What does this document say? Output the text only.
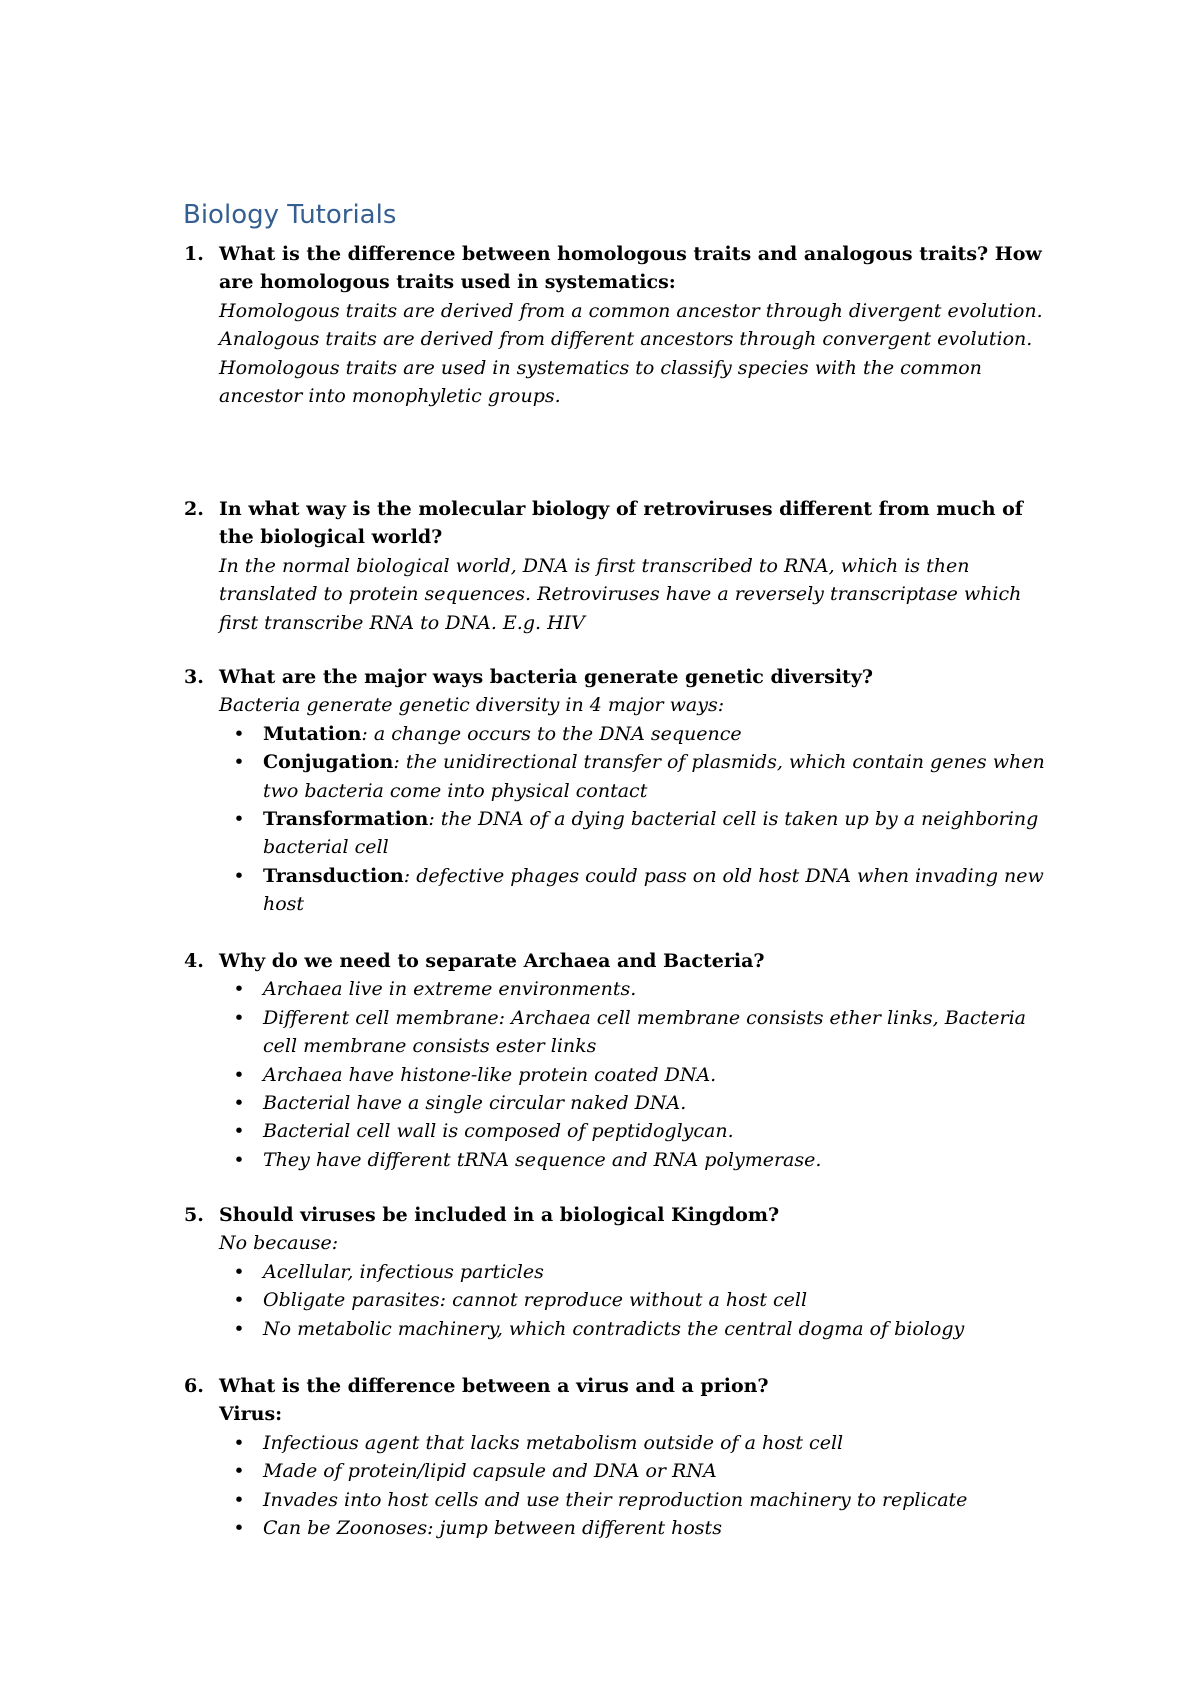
Biology Tutorials
1. What is the difference between homologous traits and analogous traits? How are homologous traits used in systematics:
Homologous traits are derived from a common ancestor through divergent evolution. Analogous traits are derived from different ancestors through convergent evolution.
Homologous traits are used in systematics to classify species with the common ancestor into monophyletic groups.
2. In what way is the molecular biology of retroviruses different from much of the biological world?
In the normal biological world, DNA is first transcribed to RNA, which is then translated to protein sequences. Retroviruses have a reversely transcriptase which first transcribe RNA to DNA. E.g. HIV
3. What are the major ways bacteria generate genetic diversity?
Bacteria generate genetic diversity in 4 major ways:
• Mutation: a change occurs to the DNA sequence
• Conjugation: the unidirectional transfer of plasmids, which contain genes when two bacteria come into physical contact
• Transformation: the DNA of a dying bacterial cell is taken up by a neighboring bacterial cell
• Transduction: defective phages could pass on old host DNA when invading new host
4. Why do we need to separate Archaea and Bacteria?
• Archaea live in extreme environments.
• Different cell membrane: Archaea cell membrane consists ether links, Bacteria cell membrane consists ester links
• Archaea have histone-like protein coated DNA.
• Bacterial have a single circular naked DNA.
• Bacterial cell wall is composed of peptidoglycan.
• They have different tRNA sequence and RNA polymerase.
5. Should viruses be included in a biological Kingdom?
No because:
• Acellular, infectious particles
• Obligate parasites: cannot reproduce without a host cell
• No metabolic machinery, which contradicts the central dogma of biology
6. What is the difference between a virus and a prion?
Virus:
• Infectious agent that lacks metabolism outside of a host cell
• Made of protein/lipid capsule and DNA or RNA
• Invades into host cells and use their reproduction machinery to replicate
• Can be Zoonoses: jump between different hosts
